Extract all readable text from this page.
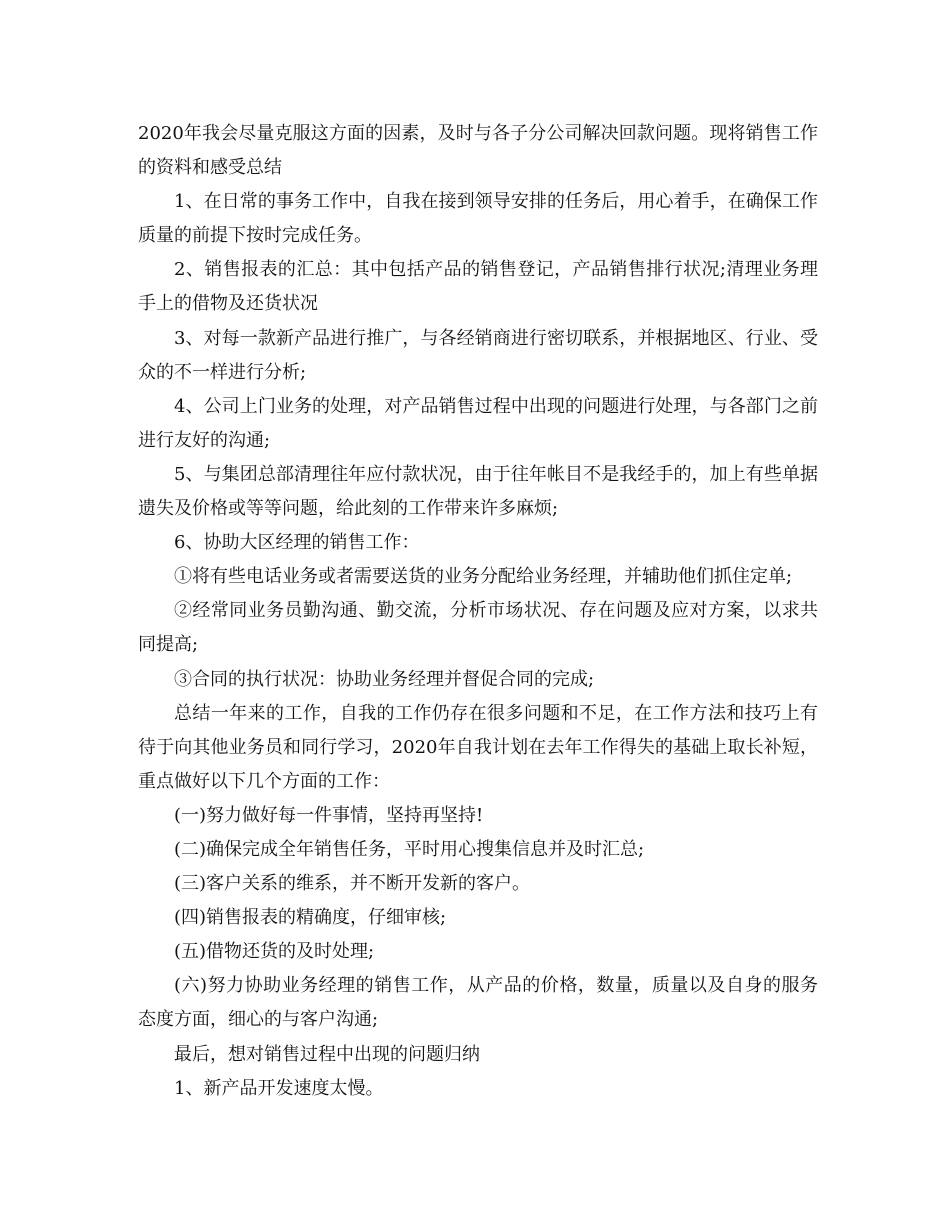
2020年我会尽量克服这方面的因素，及时与各子分公司解决回款问题。现将销售工作的资料和感受总结

1、在日常的事务工作中，自我在接到领导安排的任务后，用心着手，在确保工作质量的前提下按时完成任务。

2、销售报表的汇总：其中包括产品的销售登记，产品销售排行状况;清理业务理手上的借物及还货状况

3、对每一款新产品进行推广，与各经销商进行密切联系，并根据地区、行业、受众的不一样进行分析;

4、公司上门业务的处理，对产品销售过程中出现的问题进行处理，与各部门之前进行友好的沟通;

5、与集团总部清理往年应付款状况，由于往年帐目不是我经手的，加上有些单据遗失及价格或等等问题，给此刻的工作带来许多麻烦;

6、协助大区经理的销售工作：

①将有些电话业务或者需要送货的业务分配给业务经理，并辅助他们抓住定单;

②经常同业务员勤沟通、勤交流，分析市场状况、存在问题及应对方案，以求共同提高;

③合同的执行状况：协助业务经理并督促合同的完成;

总结一年来的工作，自我的工作仍存在很多问题和不足，在工作方法和技巧上有待于向其他业务员和同行学习，2020年自我计划在去年工作得失的基础上取长补短，重点做好以下几个方面的工作：

(一)努力做好每一件事情，坚持再坚持!

(二)确保完成全年销售任务，平时用心搜集信息并及时汇总;

(三)客户关系的维系，并不断开发新的客户。

(四)销售报表的精确度，仔细审核;

(五)借物还货的及时处理;

(六)努力协助业务经理的销售工作，从产品的价格，数量，质量以及自身的服务态度方面，细心的与客户沟通;

最后，想对销售过程中出现的问题归纳

1、新产品开发速度太慢。
